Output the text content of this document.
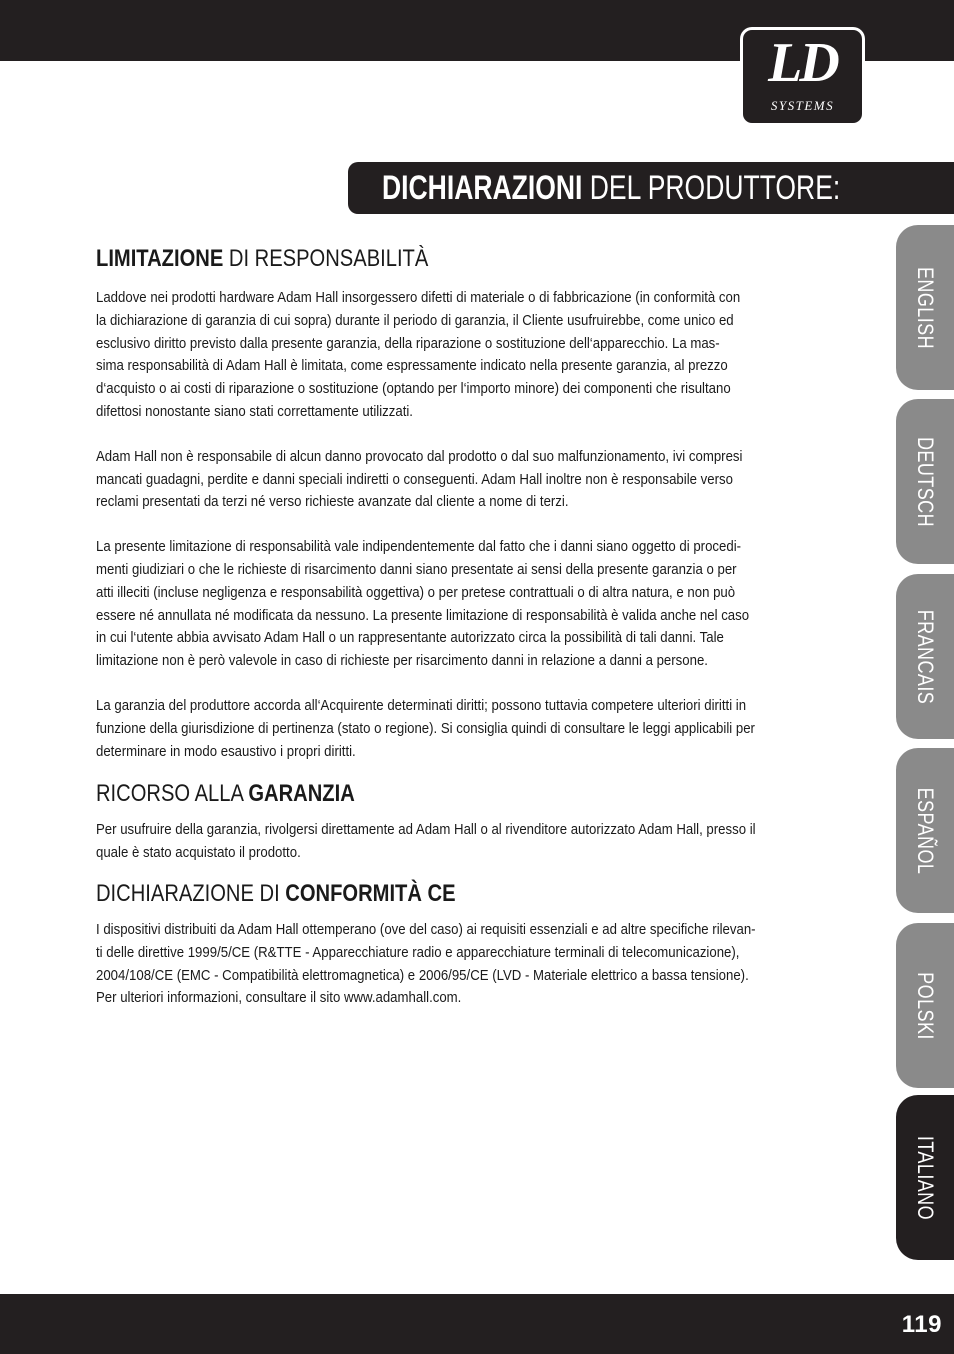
LD
SYSTEMS
DICHIARAZIONI DEL PRODUTTORE:
LIMITAZIONE DI RESPONSABILITÀ

Laddove nei prodotti hardware Adam Hall insorgessero difetti di materiale o di fabbricazione (in conformità con
la dichiarazione di garanzia di cui sopra) durante il periodo di garanzia, il Cliente usufruirebbe, come unico ed
esclusivo diritto previsto dalla presente garanzia, della riparazione o sostituzione dell‘apparecchio. La mas-
sima responsabilità di Adam Hall è limitata, come espressamente indicato nella presente garanzia, al prezzo
d‘acquisto o ai costi di riparazione o sostituzione (optando per l‘importo minore) dei componenti che risultano
difettosi nonostante siano stati correttamente utilizzati.

Adam Hall non è responsabile di alcun danno provocato dal prodotto o dal suo malfunzionamento, ivi compresi
mancati guadagni, perdite e danni speciali indiretti o conseguenti. Adam Hall inoltre non è responsabile verso
reclami presentati da terzi né verso richieste avanzate dal cliente a nome di terzi.

La presente limitazione di responsabilità vale indipendentemente dal fatto che i danni siano oggetto di procedi-
menti giudiziari o che le richieste di risarcimento danni siano presentate ai sensi della presente garanzia o per
atti illeciti (incluse negligenza e responsabilità oggettiva) o per pretese contrattuali o di altra natura, e non può
essere né annullata né modificata da nessuno. La presente limitazione di responsabilità è valida anche nel caso
in cui l‘utente abbia avvisato Adam Hall o un rappresentante autorizzato circa la possibilità di tali danni. Tale
limitazione non è però valevole in caso di richieste per risarcimento danni in relazione a danni a persone.

La garanzia del produttore accorda all‘Acquirente determinati diritti; possono tuttavia competere ulteriori diritti in
funzione della giurisdizione di pertinenza (stato o regione). Si consiglia quindi di consultare le leggi applicabili per
determinare in modo esaustivo i propri diritti.

RICORSO ALLA GARANZIA

Per usufruire della garanzia, rivolgersi direttamente ad Adam Hall o al rivenditore autorizzato Adam Hall, presso il
quale è stato acquistato il prodotto.

DICHIARAZIONE DI CONFORMITÀ CE

I dispositivi distribuiti da Adam Hall ottemperano (ove del caso) ai requisiti essenziali e ad altre specifiche rilevan-
ti delle direttive 1999/5/CE (R&TTE - Apparecchiature radio e apparecchiature terminali di telecomunicazione),
2004/108/CE (EMC - Compatibilità elettromagnetica) e 2006/95/CE (LVD - Materiale elettrico a bassa tensione).
Per ulteriori informazioni, consultare il sito www.adamhall.com.

ENGLISH
DEUTSCH
FRANCAIS
ESPAÑOL
POLSKI
ITALIANO
119
